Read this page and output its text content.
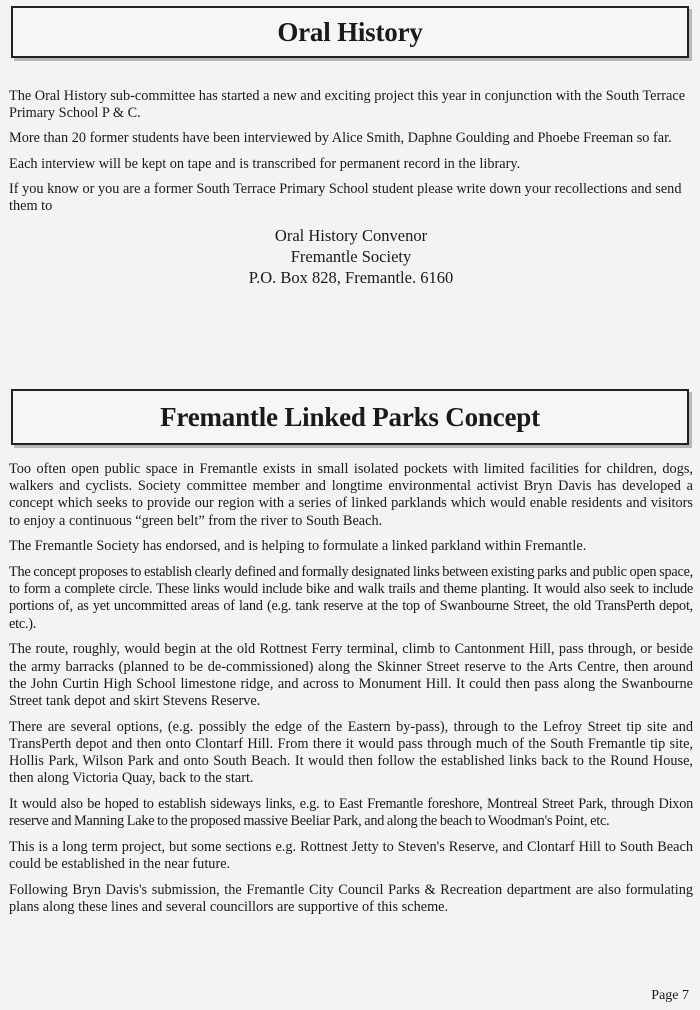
Oral History

The Oral History sub-committee has started a new and exciting project this year in conjunction with the South Terrace Primary School P & C.

More than 20 former students have been interviewed by Alice Smith, Daphne Goulding and Phoebe Freeman so far.

Each interview will be kept on tape and is transcribed for permanent record in the library.

If you know or you are a former South Terrace Primary School student please write down your recollections and send them to

Oral History Convenor
Fremantle Society
P.O. Box 828, Fremantle. 6160
Fremantle Linked Parks Concept

Too often open public space in Fremantle exists in small isolated pockets with limited facilities for children, dogs, walkers and cyclists. Society committee member and longtime environmental activist Bryn Davis has developed a concept which seeks to provide our region with a series of linked parklands which would enable residents and visitors to enjoy a continuous “green belt” from the river to South Beach.

The Fremantle Society has endorsed, and is helping to formulate a linked parkland within Fremantle.

The concept proposes to establish clearly defined and formally designated links between existing parks and public open space, to form a complete circle. These links would include bike and walk trails and theme planting. It would also seek to include portions of, as yet uncommitted areas of land (e.g. tank reserve at the top of Swanbourne Street, the old TransPerth depot, etc.).

The route, roughly, would begin at the old Rottnest Ferry terminal, climb to Cantonment Hill, pass through, or beside the army barracks (planned to be de-commissioned) along the Skinner Street reserve to the Arts Centre, then around the John Curtin High School limestone ridge, and across to Monument Hill. It could then pass along the Swanbourne Street tank depot and skirt Stevens Reserve.

There are several options, (e.g. possibly the edge of the Eastern by-pass), through to the Lefroy Street tip site and TransPerth depot and then onto Clontarf Hill. From there it would pass through much of the South Fremantle tip site, Hollis Park, Wilson Park and onto South Beach. It would then follow the established links back to the Round House, then along Victoria Quay, back to the start.

It would also be hoped to establish sideways links, e.g. to East Fremantle foreshore, Montreal Street Park, through Dixon reserve and Manning Lake to the proposed massive Beeliar Park, and along the beach to Woodman's Point, etc.

This is a long term project, but some sections e.g. Rottnest Jetty to Steven's Reserve, and Clontarf Hill to South Beach could be established in the near future.

Following Bryn Davis's submission, the Fremantle City Council Parks & Recreation department are also formulating plans along these lines and several councillors are supportive of this scheme.

Page 7
